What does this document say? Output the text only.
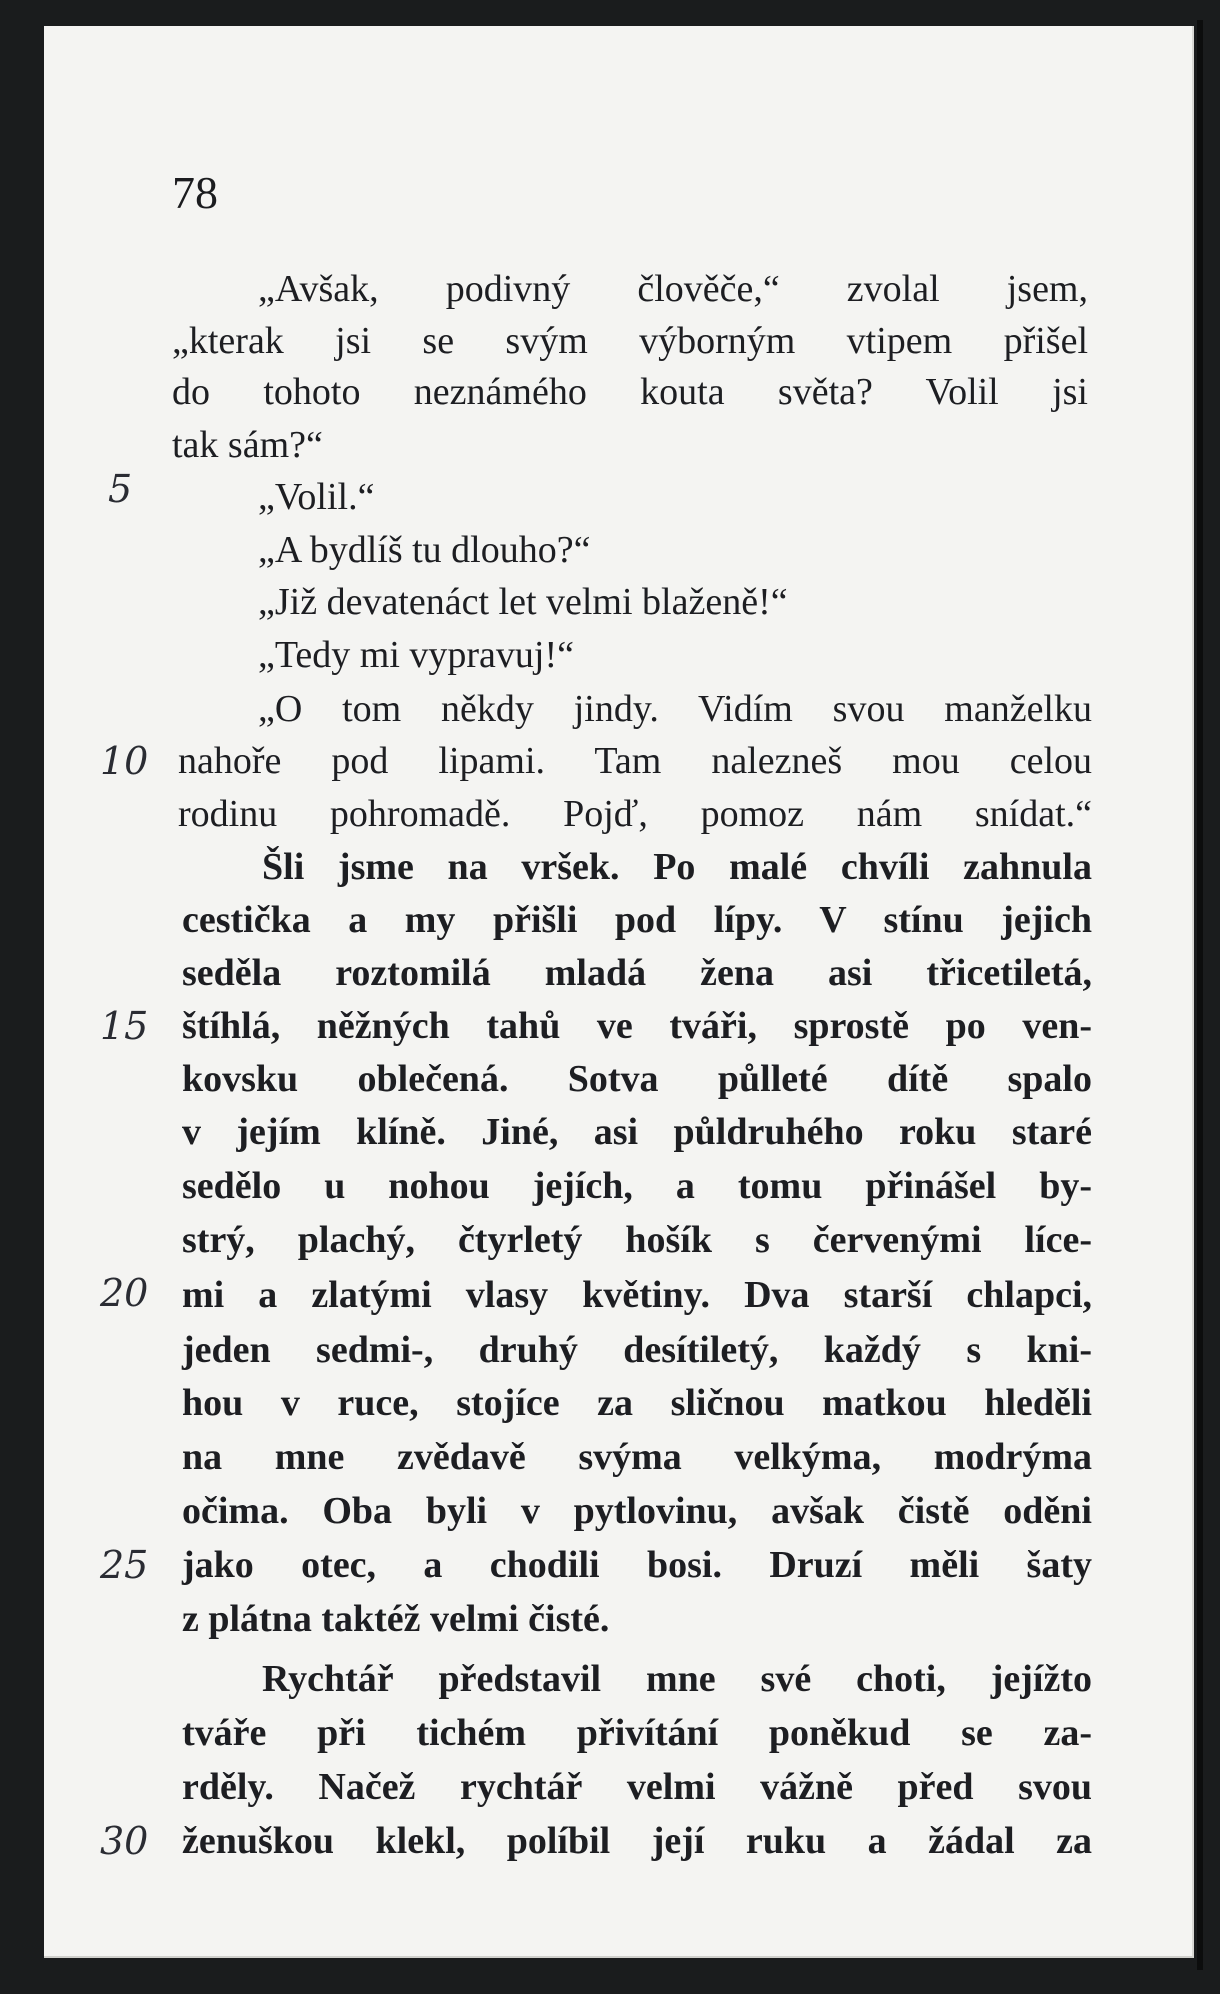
78
„Avšak, podivný člověče,“ zvolal jsem,
„kterak jsi se svým výborným vtipem přišel
do tohoto neznámého kouta světa? Volil jsi
tak sám?“
„Volil.“
„A bydlíš tu dlouho?“
„Již devatenáct let velmi blaženě!“
„Tedy mi vypravuj!“
„O tom někdy jindy. Vidím svou manželku
nahoře pod lipami. Tam nalezneš mou celou
rodinu pohromadě. Pojď, pomoz nám snídat.“
Šli jsme na vršek. Po malé chvíli zahnula
cestička a my přišli pod lípy. V stínu jejich
seděla roztomilá mladá žena asi třicetiletá,
štíhlá, něžných tahů ve tváři, sprostě po ven-
kovsku oblečená. Sotva půlleté dítě spalo
v jejím klíně. Jiné, asi půldruhého roku staré
sedělo u nohou jejích, a tomu přinášel by-
strý, plachý, čtyrletý hošík s červenými líce-
mi a zlatými vlasy květiny. Dva starší chlapci,
jeden sedmi-, druhý desítiletý, každý s kni-
hou v ruce, stojíce za sličnou matkou hleděli
na mne zvědavě svýma velkýma, modrýma
očima. Oba byli v pytlovinu, avšak čistě oděni
jako otec, a chodili bosi. Druzí měli šaty
z plátna taktéž velmi čisté.
Rychtář představil mne své choti, jejížto
tváře při tichém přivítání poněkud se za-
rděly. Načež rychtář velmi vážně před svou
ženuškou klekl, políbil její ruku a žádal za
5
10
15
20
25
30
